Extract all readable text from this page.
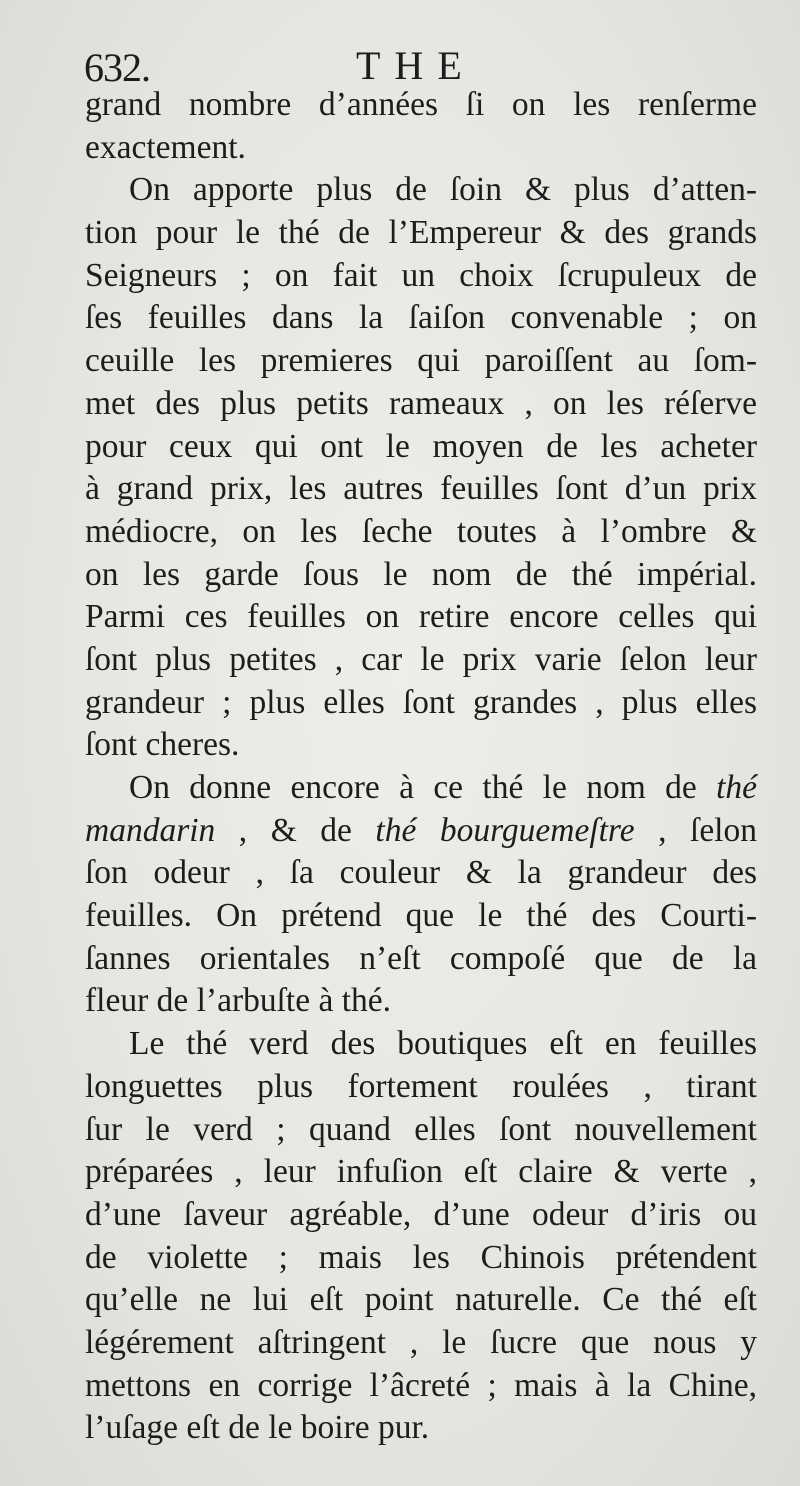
632.	THE
grand nombre d’années ſi on les renſerme
exactement.
On apporte plus de ſoin & plus d’atten-
tion pour le thé de l’Empereur & des grands
Seigneurs ; on fait un choix ſcrupuleux de
ſes feuilles dans la ſaiſon convenable ; on
ceuille les premieres qui paroiſſent au ſom-
met des plus petits rameaux , on les réſerve
pour ceux qui ont le moyen de les acheter
à grand prix, les autres feuilles ſont d’un prix
médiocre, on les ſeche toutes à l’ombre &
on les garde ſous le nom de thé impérial.
Parmi ces feuilles on retire encore celles qui
ſont plus petites , car le prix varie ſelon leur
grandeur ; plus elles ſont grandes , plus elles
ſont cheres.
On donne encore à ce thé le nom de thé
mandarin , & de thé bourguemeſtre , ſelon
ſon odeur , ſa couleur & la grandeur des
feuilles. On prétend que le thé des Courti-
ſannes orientales n’eſt compoſé que de la
fleur de l’arbuſte à thé.
Le thé verd des boutiques eſt en feuilles
longuettes plus fortement roulées , tirant
ſur le verd ; quand elles ſont nouvellement
préparées , leur infuſion eſt claire & verte ,
d’une ſaveur agréable, d’une odeur d’iris ou
de violette ; mais les Chinois prétendent
qu’elle ne lui eſt point naturelle. Ce thé eſt
légérement aſtringent , le ſucre que nous y
mettons en corrige l’âcreté ; mais à la Chine,
l’uſage eſt de le boire pur.
